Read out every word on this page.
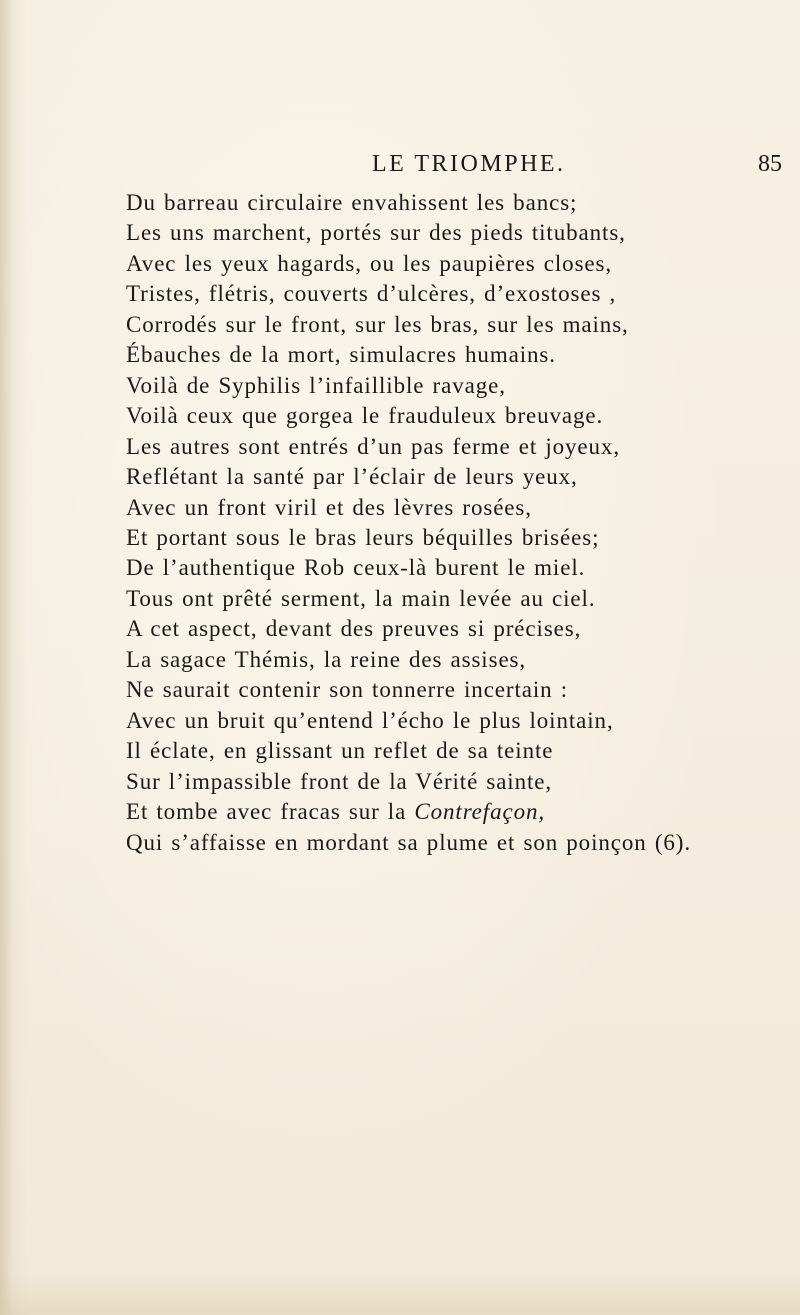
LE TRIOMPHE.	85
Du barreau circulaire envahissent les bancs;
Les uns marchent, portés sur des pieds titubants,
Avec les yeux hagards, ou les paupières closes,
Tristes, flétris, couverts d’ulcères, d’exostoses ,
Corrodés sur le front, sur les bras, sur les mains,
Ébauches de la mort, simulacres humains.
Voilà de Syphilis l’infaillible ravage,
Voilà ceux que gorgea le frauduleux breuvage.
Les autres sont entrés d’un pas ferme et joyeux,
Reflétant la santé par l’éclair de leurs yeux,
Avec un front viril et des lèvres rosées,
Et portant sous le bras leurs béquilles brisées;
De l’authentique Rob ceux-là burent le miel.
Tous ont prêté serment, la main levée au ciel.
A cet aspect, devant des preuves si précises,
La sagace Thémis, la reine des assises,
Ne saurait contenir son tonnerre incertain :
Avec un bruit qu’entend l’écho le plus lointain,
Il éclate, en glissant un reflet de sa teinte
Sur l’impassible front de la Vérité sainte,
Et tombe avec fracas sur la Contrefaçon,
Qui s’affaisse en mordant sa plume et son poinçon (6).
